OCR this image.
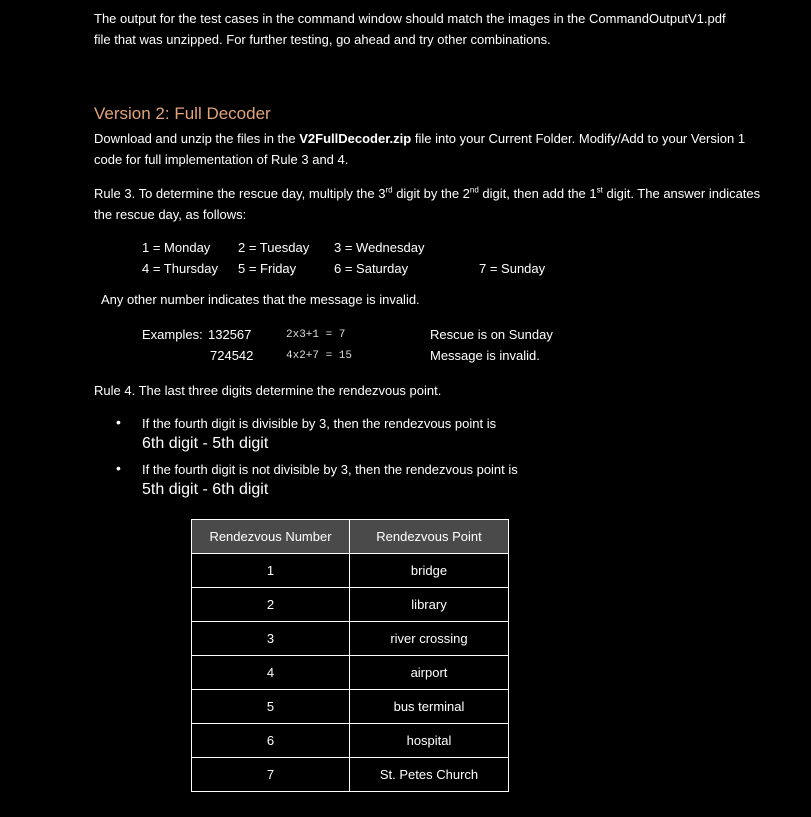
The output for the test cases in the command window should match the images in the CommandOutputV1.pdf file that was unzipped. For further testing, go ahead and try other combinations.

Version 2: Full Decoder

Download and unzip the files in the V2FullDecoder.zip file into your Current Folder. Modify/Add to your Version 1 code for full implementation of Rule 3 and 4.

Rule 3. To determine the rescue day, multiply the 3rd digit by the 2nd digit, then add the 1st digit. The answer indicates the rescue day, as follows:

1 = Monday 2 = Tuesday 3 = Wednesday
4 = Thursday 5 = Friday	6 = Saturday	7 = Sunday
Any other number indicates that the message is invalid.
Examples: 132567	2x3+1 = 7	Rescue is on Sunday
724542	4x2+7 = 15	Message is invalid.

Rule 4. The last three digits determine the rendezvous point.

• If the fourth digit is divisible by 3, then the rendezvous point is
6th digit - 5th digit
• If the fourth digit is not divisible by 3, then the rendezvous point is
5th digit - 6th digit
Rendezvous Number	Rendezvous Point
1	bridge
2	library
3	river crossing
4	airport
5	bus terminal
6	hospital
7	St. Petes Church
